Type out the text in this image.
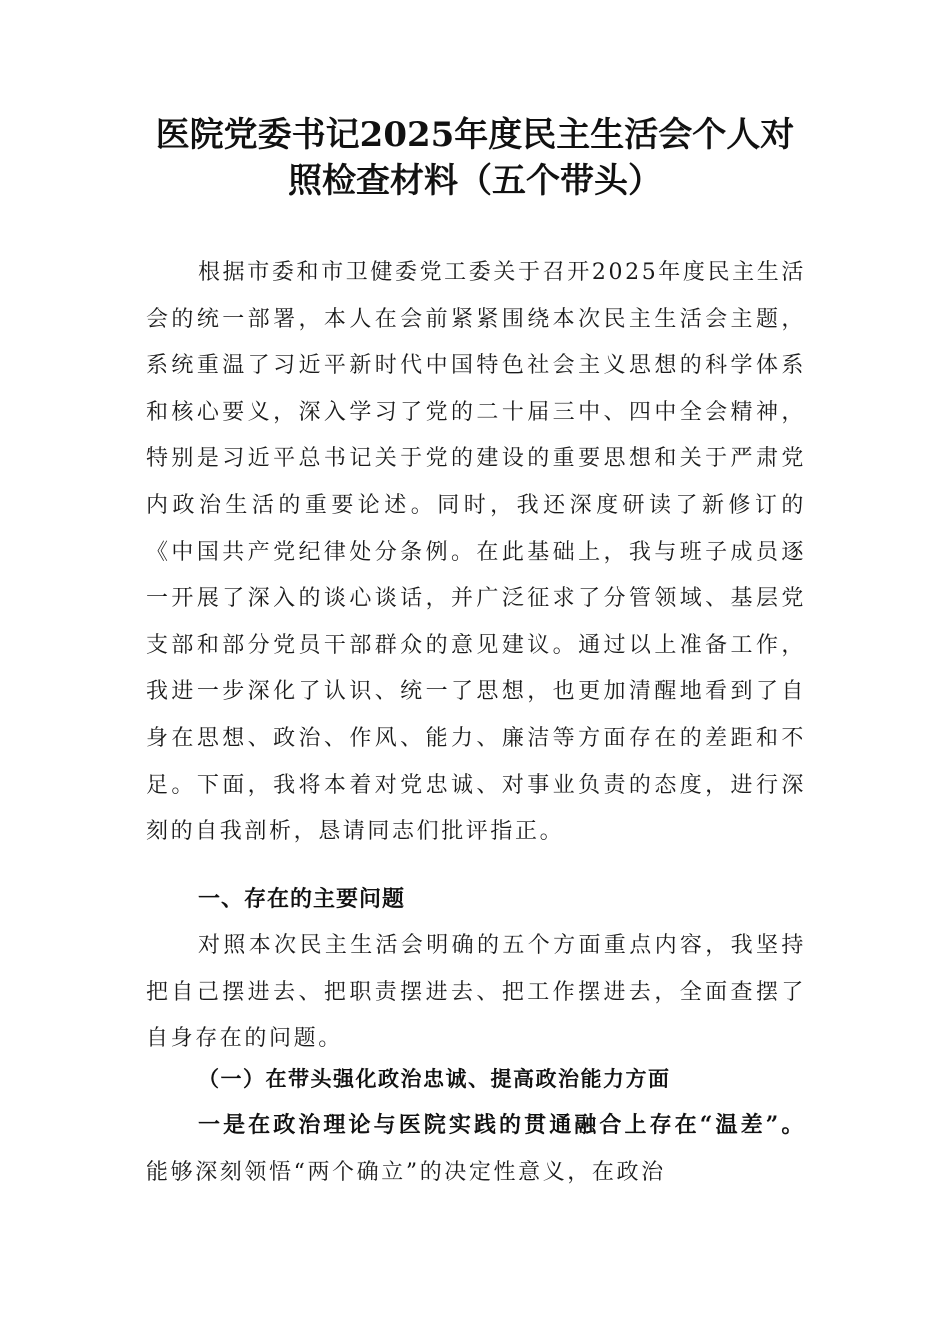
医院党委书记2025年度民主生活会个人对
照检查材料（五个带头）

根据市委和市卫健委党工委关于召开2025年度民主生活会的统一部署，本人在会前紧紧围绕本次民主生活会主题，系统重温了习近平新时代中国特色社会主义思想的科学体系和核心要义，深入学习了党的二十届三中、四中全会精神，特别是习近平总书记关于党的建设的重要思想和关于严肃党内政治生活的重要论述。同时，我还深度研读了新修订的《中国共产党纪律处分条例。在此基础上，我与班子成员逐一开展了深入的谈心谈话，并广泛征求了分管领域、基层党支部和部分党员干部群众的意见建议。通过以上准备工作，我进一步深化了认识、统一了思想，也更加清醒地看到了自身在思想、政治、作风、能力、廉洁等方面存在的差距和不足。下面，我将本着对党忠诚、对事业负责的态度，进行深刻的自我剖析，恳请同志们批评指正。

一、存在的主要问题

对照本次民主生活会明确的五个方面重点内容，我坚持把自己摆进去、把职责摆进去、把工作摆进去，全面查摆了自身存在的问题。

（一）在带头强化政治忠诚、提高政治能力方面

一是在政治理论与医院实践的贯通融合上存在“温差”。能够深刻领悟“两个确立”的决定性意义，在政治
